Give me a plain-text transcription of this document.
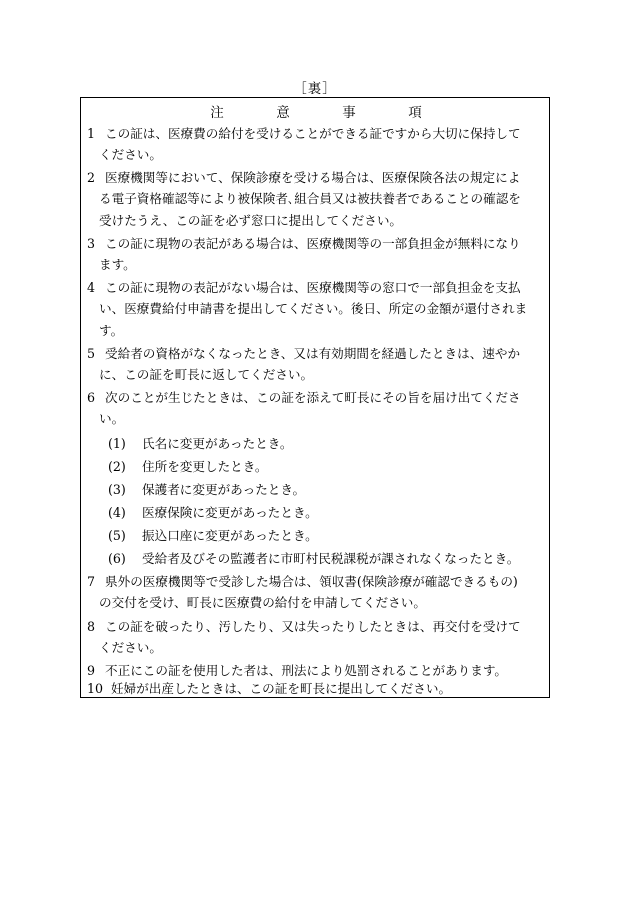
［裏］
注	意	事	項
1 この証は、医療費の給付を受けることができる証ですから大切に保持して
ください。
2 医療機関等において、保険診療を受ける場合は、医療保険各法の規定によ
る電子資格確認等により被保険者､組合員又は被扶養者であることの確認を
受けたうえ、この証を必ず窓口に提出してください。
3 この証に現物の表記がある場合は、医療機関等の一部負担金が無料になり
ます。
4 この証に現物の表記がない場合は、医療機関等の窓口で一部負担金を支払
い、医療費給付申請書を提出してください。後日、所定の金額が還付されま
す。
5 受給者の資格がなくなったとき、又は有効期間を経過したときは、速やか
に、この証を町長に返してください。
6 次のことが生じたときは、この証を添えて町長にその旨を届け出てくださ
い。
(1) 氏名に変更があったとき。
(2) 住所を変更したとき。
(3) 保護者に変更があったとき。
(4) 医療保険に変更があったとき。
(5) 振込口座に変更があったとき。
(6) 受給者及びその監護者に市町村民税課税が課されなくなったとき。
7 県外の医療機関等で受診した場合は、領収書(保険診療が確認できるもの)
の交付を受け、町長に医療費の給付を申請してください。
8 この証を破ったり、汚したり、又は失ったりしたときは、再交付を受けて
ください。
9 不正にこの証を使用した者は、刑法により処罰されることがあります。
10 妊婦が出産したときは、この証を町長に提出してください。
